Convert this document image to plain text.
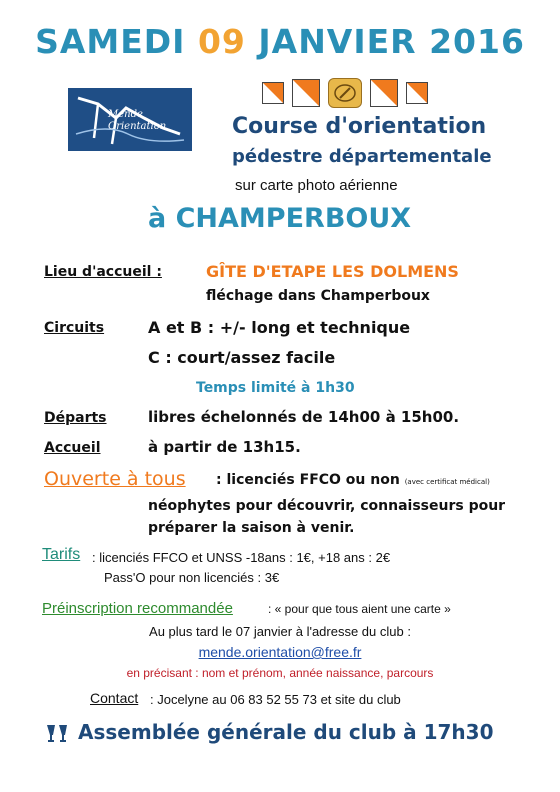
SAMEDI 09 JANVIER 2016
Mende
Orientation	Course d'orientation
pédestre départementale
sur carte photo aérienne
à CHAMPERBOUX
Lieu d'accueil :	GÎTE D'ETAPE LES DOLMENS
fléchage dans Champerboux
Circuits	A et B : +/- long et technique
C : court/assez facile
Temps limité à 1h30
Départs	libres échelonnés de 14h00 à 15h00.
Accueil	à partir de 13h15.
Ouverte à tous : licenciés FFCO ou non (avec certificat médical)
néophytes pour découvrir, connaisseurs pour
préparer la saison à venir.
Tarifs : licenciés FFCO et UNSS -18ans : 1€, +18 ans : 2€
Pass'O pour non licenciés : 3€
Préinscription recommandée	: « pour que tous aient une carte »
Au plus tard le 07 janvier à l'adresse du club :
mende.orientation@free.fr
en précisant : nom et prénom, année naissance, parcours
Contact : Jocelyne au 06 83 52 55 73 et site du club
Assemblée générale du club à 17h30
